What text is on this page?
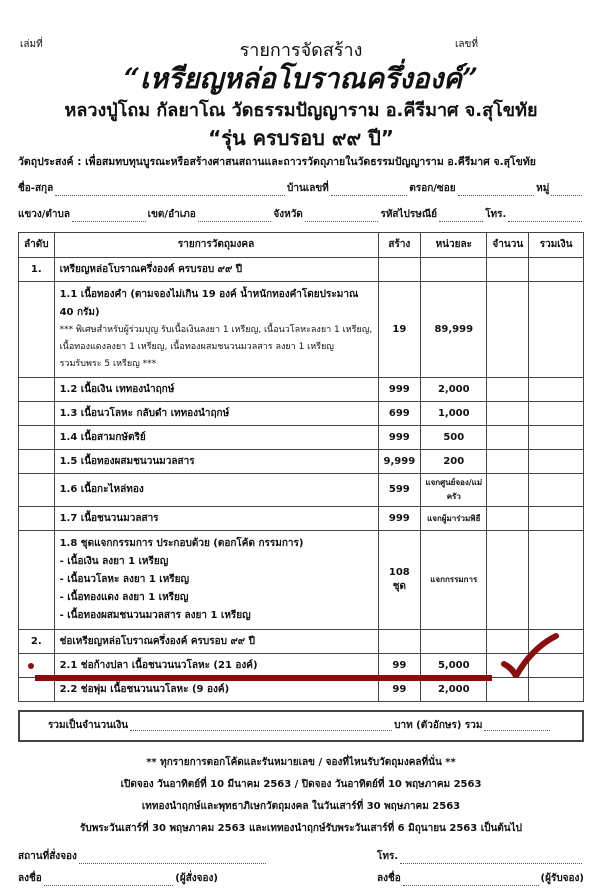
เล่มที่	รายการจัดสร้าง	เลขที่
“เหรียญหล่อโบราณครึ่งองค์”
หลวงปู่โถม กัลยาโณ วัดธรรมปัญญาราม อ.คีรีมาศ จ.สุโขทัย
“รุ่น ครบรอบ ๙๙ ปี”
วัตถุประสงค์ : เพื่อสมทบทุนบูรณะหรือสร้างศาสนสถานและถาวรวัตถุภายในวัดธรรมปัญญาราม อ.คีรีมาศ จ.สุโขทัย
ชื่อ-สกุล	บ้านเลขที่	ตรอก/ซอย	หมู่
แขวง/ตำบล	เขต/อำเภอ	จังหวัด	รหัสไปรษณีย์	โทร.
ลำดับ	รายการวัตถุมงคล	สร้าง	หน่วยละ	จำนวน	รวมเงิน
1.	เหรียญหล่อโบราณครึ่งองค์ ครบรอบ ๙๙ ปี				

	1.1 เนื้อทองคำ (ตามจองไม่เกิน 19 องค์ น้ำหนักทองคำโดยประมาณ 40 กรัม)
*** พิเศษสำหรับผู้ร่วมบุญ รับเนื้อเงินลงยา 1 เหรียญ, เนื้อนวโลหะลงยา 1 เหรียญ,
เนื้อทองแดงลงยา 1 เหรียญ, เนื้อทองผสมชนวนมวลสาร ลงยา 1 เหรียญ
รวมรับพระ 5 เหรียญ ***	19	89,999		

	1.2 เนื้อเงิน เททองนำฤกษ์	999	2,000		

	1.3 เนื้อนวโลหะ กลับดำ เททองนำฤกษ์	699	1,000		

	1.4 เนื้อสามกษัตริย์	999	500		

	1.5 เนื้อทองผสมชนวนมวลสาร	9,999	200		

	1.6 เนื้อกะไหล่ทอง	599	แจกศูนย์จอง/แม่ครัว		

	1.7 เนื้อชนวนมวลสาร	999	แจกผู้มาร่วมพิธี		

	1.8 ชุดแจกกรรมการ ประกอบด้วย (ตอกโค้ด กรรมการ)
- เนื้อเงิน ลงยา 1 เหรียญ
- เนื้อนวโลหะ ลงยา 1 เหรียญ
- เนื้อทองแดง ลงยา 1 เหรียญ
- เนื้อทองผสมชนวนมวลสาร ลงยา 1 เหรียญ	108 ชุด	แจกกรรมการ		
2.	ช่อเหรียญหล่อโบราณครึ่งองค์ ครบรอบ ๙๙ ปี				

	2.1 ช่อก้างปลา เนื้อชนวนนวโลหะ (21 องค์)	99	5,000		

	2.2 ช่อพุ่ม เนื้อชนวนนวโลหะ (9 องค์)	99	2,000		
รวมเป็นจำนวนเงิน	บาท (ตัวอักษร)
รวม
** ทุกรายการตอกโค้ดและรันหมายเลข / จองที่ไหนรับวัตถุมงคลที่นั่น **
เปิดจอง วันอาทิตย์ที่ 10 มีนาคม 2563 / ปิดจอง วันอาทิตย์ที่ 10 พฤษภาคม 2563
เททองนำฤกษ์และพุทธาภิเษกวัตถุมงคล ในวันเสาร์ที่ 30 พฤษภาคม 2563
รับพระวันเสาร์ที่ 30 พฤษภาคม 2563 และเททองนำฤกษ์รับพระวันเสาร์ที่ 6 มิถุนายน 2563 เป็นต้นไป
สถานที่สั่งจอง	โทร.
ลงชื่อ	(ผู้สั่งจอง)	ลงชื่อ	(ผู้รับจอง)
